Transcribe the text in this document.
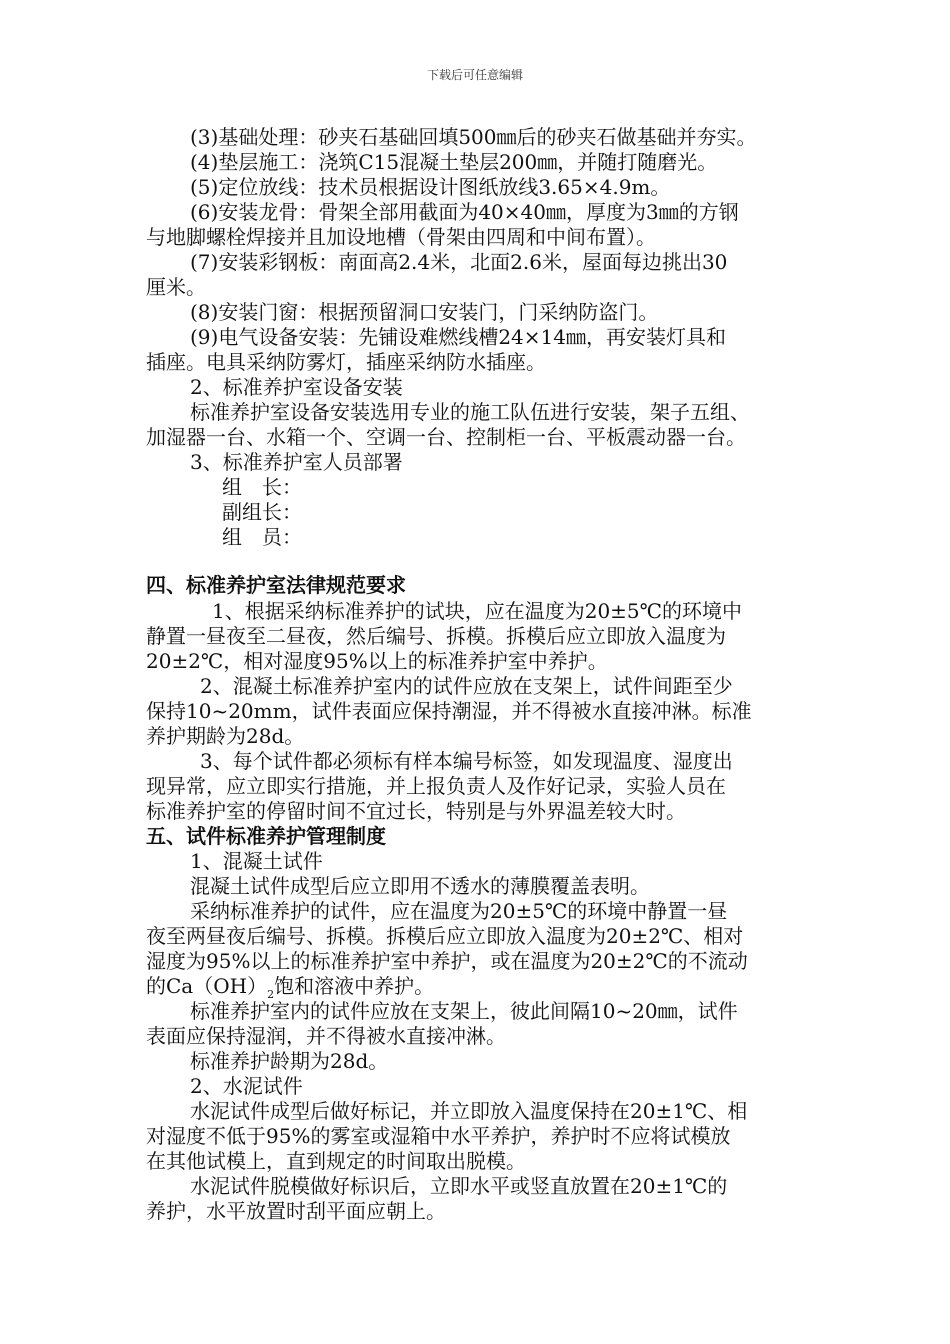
下载后可任意编辑
(3)基础处理：砂夹石基础回填500㎜后的砂夹石做基础并夯实。
(4)垫层施工：浇筑C15混凝土垫层200㎜，并随打随磨光。
(5)定位放线：技术员根据设计图纸放线3.65×4.9m。
(6)安装龙骨：骨架全部用截面为40×40㎜，厚度为3㎜的方钢
与地脚螺栓焊接并且加设地槽（骨架由四周和中间布置）。
(7)安装彩钢板：南面高2.4米，北面2.6米，屋面每边挑出30
厘米。
(8)安装门窗：根据预留洞口安装门，门采纳防盗门。
(9)电气设备安装：先铺设难燃线槽24×14㎜，再安装灯具和
插座。电具采纳防雾灯，插座采纳防水插座。
2、标准养护室设备安装
标准养护室设备安装选用专业的施工队伍进行安装，架子五组、
加湿器一台、水箱一个、空调一台、控制柜一台、平板震动器一台。
3、标准养护室人员部署
组　长：
副组长：
组　员：
四、标准养护室法律规范要求
1、根据采纳标准养护的试块，应在温度为20±5℃的环境中
静置一昼夜至二昼夜，然后编号、拆模。拆模后应立即放入温度为
20±2℃，相对湿度95%以上的标准养护室中养护。
2、混凝土标准养护室内的试件应放在支架上，试件间距至少
保持10~20mm，试件表面应保持潮湿，并不得被水直接冲淋。标准
养护期龄为28d。
3、每个试件都必须标有样本编号标签，如发现温度、湿度出
现异常，应立即实行措施，并上报负责人及作好记录，实验人员在
标准养护室的停留时间不宜过长，特别是与外界温差较大时。
五、试件标准养护管理制度
1、混凝土试件
混凝土试件成型后应立即用不透水的薄膜覆盖表明。
采纳标准养护的试件，应在温度为20±5℃的环境中静置一昼
夜至两昼夜后编号、拆模。拆模后应立即放入温度为20±2℃、相对
湿度为95%以上的标准养护室中养护，或在温度为20±2℃的不流动
的$Ca(OH)_2$饱和溶液中养护。
标准养护室内的试件应放在支架上，彼此间隔10~20㎜，试件
表面应保持湿润，并不得被水直接冲淋。
标准养护龄期为28d。
2、水泥试件
水泥试件成型后做好标记，并立即放入温度保持在20±1℃、相
对湿度不低于95%的雾室或湿箱中水平养护，养护时不应将试模放
在其他试模上，直到规定的时间取出脱模。
水泥试件脱模做好标识后，立即水平或竖直放置在20±1℃的
养护，水平放置时刮平面应朝上。
